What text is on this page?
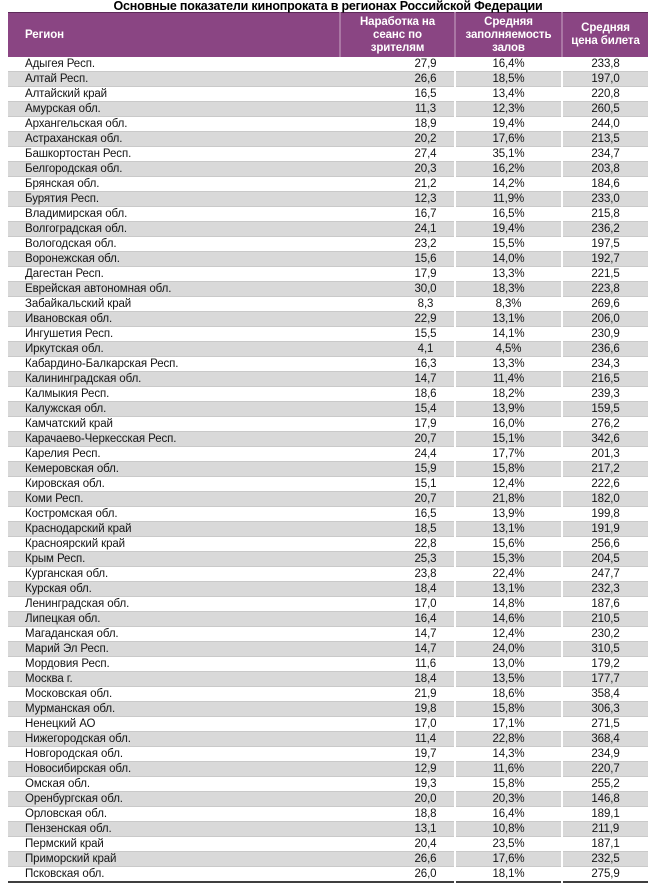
Основные показатели кинопроката в регионах Российской Федерации
Регион	Наработка на сеанс по зрителям	Средняя заполняемость залов	Средняя цена билета
Адыгея Респ.	27,9	16,4%	233,8
Алтай Респ.	26,6	18,5%	197,0
Алтайский край	16,5	13,4%	220,8
Амурская обл.	11,3	12,3%	260,5
Архангельская обл.	18,9	19,4%	244,0
Астраханская обл.	20,2	17,6%	213,5
Башкортостан Респ.	27,4	35,1%	234,7
Белгородская обл.	20,3	16,2%	203,8
Брянская обл.	21,2	14,2%	184,6
Бурятия Респ.	12,3	11,9%	233,0
Владимирская обл.	16,7	16,5%	215,8
Волгоградская обл.	24,1	19,4%	236,2
Вологодская обл.	23,2	15,5%	197,5
Воронежская обл.	15,6	14,0%	192,7
Дагестан Респ.	17,9	13,3%	221,5
Еврейская автономная обл.	30,0	18,3%	223,8
Забайкальский край	8,3	8,3%	269,6
Ивановская обл.	22,9	13,1%	206,0
Ингушетия Респ.	15,5	14,1%	230,9
Иркутская обл.	4,1	4,5%	236,6
Кабардино-Балкарская Респ.	16,3	13,3%	234,3
Калининградская обл.	14,7	11,4%	216,5
Калмыкия Респ.	18,6	18,2%	239,3
Калужская обл.	15,4	13,9%	159,5
Камчатский край	17,9	16,0%	276,2
Карачаево-Черкесская Респ.	20,7	15,1%	342,6
Карелия Респ.	24,4	17,7%	201,3
Кемеровская обл.	15,9	15,8%	217,2
Кировская обл.	15,1	12,4%	222,6
Коми Респ.	20,7	21,8%	182,0
Костромская обл.	16,5	13,9%	199,8
Краснодарский край	18,5	13,1%	191,9
Красноярский край	22,8	15,6%	256,6
Крым Респ.	25,3	15,3%	204,5
Курганская обл.	23,8	22,4%	247,7
Курская обл.	18,4	13,1%	232,3
Ленинградская обл.	17,0	14,8%	187,6
Липецкая обл.	16,4	14,6%	210,5
Магаданская обл.	14,7	12,4%	230,2
Марий Эл Респ.	14,7	24,0%	310,5
Мордовия Респ.	11,6	13,0%	179,2
Москва г.	18,4	13,5%	177,7
Московская обл.	21,9	18,6%	358,4
Мурманская обл.	19,8	15,8%	306,3
Ненецкий АО	17,0	17,1%	271,5
Нижегородская обл.	11,4	22,8%	368,4
Новгородская обл.	19,7	14,3%	234,9
Новосибирская обл.	12,9	11,6%	220,7
Омская обл.	19,3	15,8%	255,2
Оренбургская обл.	20,0	20,3%	146,8
Орловская обл.	18,8	16,4%	189,1
Пензенская обл.	13,1	10,8%	211,9
Пермский край	20,4	23,5%	187,1
Приморский край	26,6	17,6%	232,5
Псковская обл.	26,0	18,1%	275,9
